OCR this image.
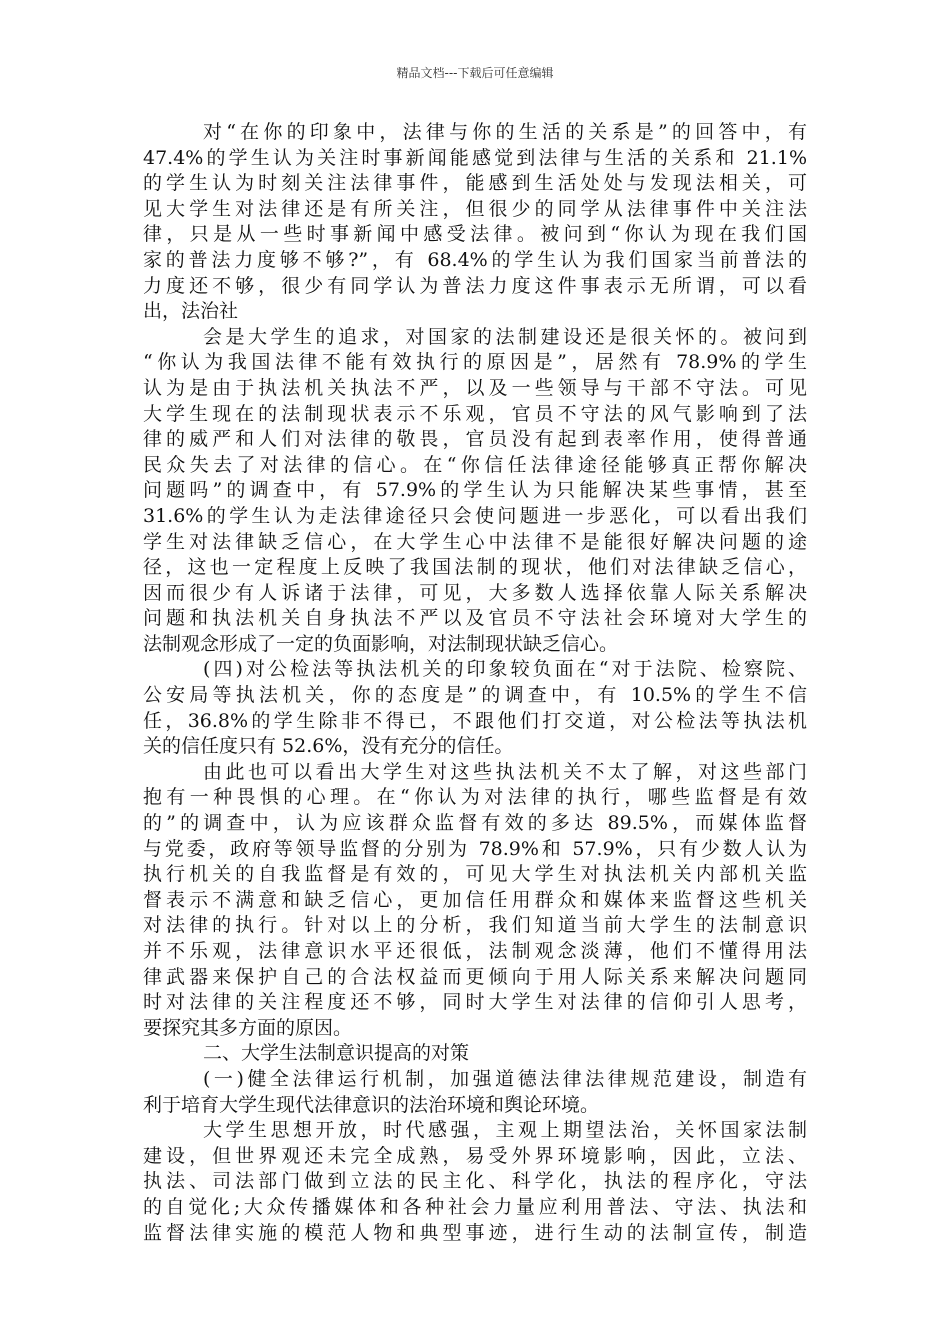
精品文档---下载后可任意编辑
对“在你的印象中，法律与你的生活的关系是”的回答中，有
47.4%的学生认为关注时事新闻能感觉到法律与生活的关系和 21.1%
的学生认为时刻关注法律事件，能感到生活处处与发现法相关，可
见大学生对法律还是有所关注，但很少的同学从法律事件中关注法
律，只是从一些时事新闻中感受法律。被问到“你认为现在我们国
家的普法力度够不够?”，有 68.4%的学生认为我们国家当前普法的
力度还不够，很少有同学认为普法力度这件事表示无所谓，可以看
出，法治社
会是大学生的追求，对国家的法制建设还是很关怀的。被问到
“你认为我国法律不能有效执行的原因是”，居然有 78.9%的学生
认为是由于执法机关执法不严，以及一些领导与干部不守法。可见
大学生现在的法制现状表示不乐观，官员不守法的风气影响到了法
律的威严和人们对法律的敬畏，官员没有起到表率作用，使得普通
民众失去了对法律的信心。在“你信任法律途径能够真正帮你解决
问题吗”的调查中，有 57.9%的学生认为只能解决某些事情，甚至
31.6%的学生认为走法律途径只会使问题进一步恶化，可以看出我们
学生对法律缺乏信心，在大学生心中法律不是能很好解决问题的途
径，这也一定程度上反映了我国法制的现状，他们对法律缺乏信心，
因而很少有人诉诸于法律，可见，大多数人选择依靠人际关系解决
问题和执法机关自身执法不严以及官员不守法社会环境对大学生的
法制观念形成了一定的负面影响，对法制现状缺乏信心。
(四)对公检法等执法机关的印象较负面在“对于法院、检察院、
公安局等执法机关，你的态度是”的调查中，有 10.5%的学生不信
任，36.8%的学生除非不得已，不跟他们打交道，对公检法等执法机
关的信任度只有 52.6%，没有充分的信任。
由此也可以看出大学生对这些执法机关不太了解，对这些部门
抱有一种畏惧的心理。在“你认为对法律的执行，哪些监督是有效
的”的调查中，认为应该群众监督有效的多达 89.5%，而媒体监督
与党委，政府等领导监督的分别为 78.9%和 57.9%，只有少数人认为
执行机关的自我监督是有效的，可见大学生对执法机关内部机关监
督表示不满意和缺乏信心，更加信任用群众和媒体来监督这些机关
对法律的执行。针对以上的分析，我们知道当前大学生的法制意识
并不乐观，法律意识水平还很低，法制观念淡薄，他们不懂得用法
律武器来保护自己的合法权益而更倾向于用人际关系来解决问题同
时对法律的关注程度还不够，同时大学生对法律的信仰引人思考，
要探究其多方面的原因。
二、大学生法制意识提高的对策
(一)健全法律运行机制，加强道德法律法律规范建设，制造有
利于培育大学生现代法律意识的法治环境和舆论环境。
大学生思想开放，时代感强，主观上期望法治，关怀国家法制
建设，但世界观还未完全成熟，易受外界环境影响，因此，立法、
执法、司法部门做到立法的民主化、科学化，执法的程序化，守法
的自觉化;大众传播媒体和各种社会力量应利用普法、守法、执法和
监督法律实施的模范人物和典型事迹，进行生动的法制宣传，制造
